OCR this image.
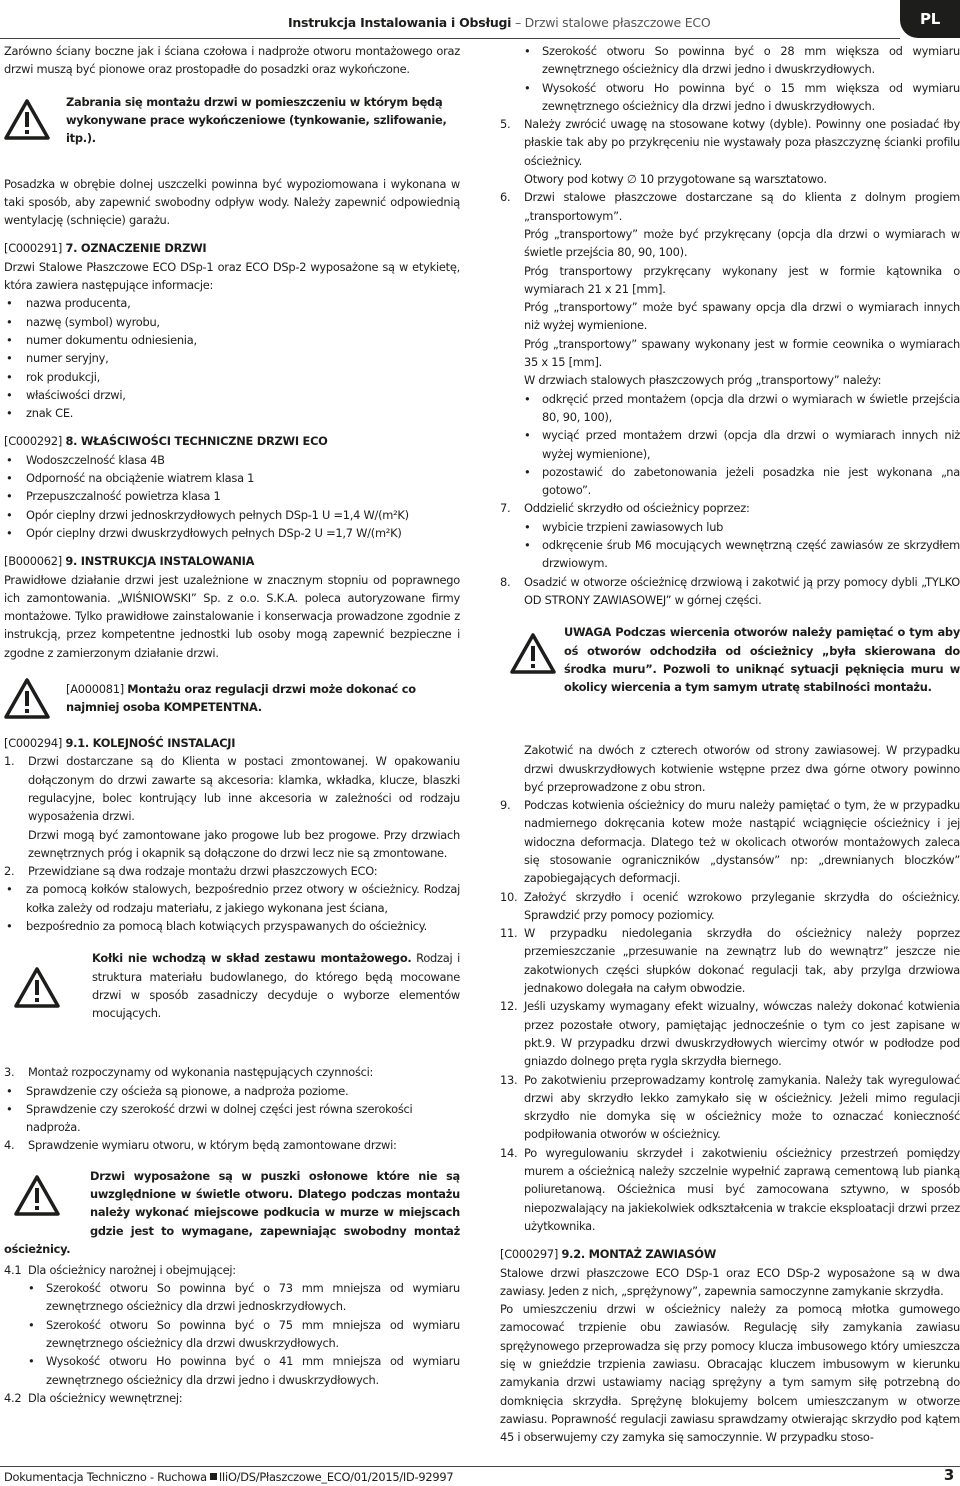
Instrukcja Instalowania i Obsługi – Drzwi stalowe płaszczowe ECO	PL

Zarówno ściany boczne jak i ściana czołowa i nadproże otworu montażowego oraz drzwi muszą być pionowe oraz prostopadłe do posadzki oraz wykończone.

Zabrania się montażu drzwi w pomieszczeniu w którym będą wykonywane prace wykończeniowe (tynkowanie, szlifowanie, itp.).

Posadzka w obrębie dolnej uszczelki powinna być wypoziomowana i wykonana w taki sposób, aby zapewnić swobodny odpływ wody. Należy zapewnić odpowiednią wentylację (schnięcie) garażu.

[C000291] 7. OZNACZENIE DRZWI

Drzwi Stalowe Płaszczowe ECO DSp-1 oraz ECO DSp-2 wyposażone są w etykietę, która zawiera następujące informacje:

• nazwa producenta,
• nazwę (symbol) wyrobu,
• numer dokumentu odniesienia,
• numer seryjny,
• rok produkcji,
• właściwości drzwi,
• znak CE.

[C000292] 8. WŁAŚCIWOŚCI TECHNICZNE DRZWI ECO

• Wodoszczelność klasa 4B
• Odporność na obciążenie wiatrem klasa 1
• Przepuszczalność powietrza klasa 1
• Opór cieplny drzwi jednoskrzydłowych pełnych DSp-1 U =1,4 W/(m²K)
• Opór cieplny drzwi dwuskrzydłowych pełnych DSp-2 U =1,7 W/(m²K)

[B000062] 9. INSTRUKCJA INSTALOWANIA

Prawidłowe działanie drzwi jest uzależnione w znacznym stopniu od poprawnego ich zamontowania. „WIŚNIOWSKI” Sp. z o.o. S.K.A. poleca autoryzowane firmy montażowe. Tylko prawidłowe zainstalowanie i konserwacja prowadzone zgodnie z instrukcją, przez kompetentne jednostki lub osoby mogą zapewnić bezpieczne i zgodne z zamierzonym działanie drzwi.

[A000081] Montażu oraz regulacji drzwi może dokonać co najmniej osoba KOMPETENTNA.

[C000294] 9.1. KOLEJNOŚĆ INSTALACJI

1. Drzwi dostarczane są do Klienta w postaci zmontowanej. W opakowaniu dołączonym do drzwi zawarte są akcesoria: klamka, wkładka, klucze, blaszki regulacyjne, bolec kontrujący lub inne akcesoria w zależności od rodzaju wyposażenia drzwi.

Drzwi mogą być zamontowane jako progowe lub bez progowe. Przy drzwiach zewnętrznych próg i okapnik są dołączone do drzwi lecz nie są zmontowane.

2. Przewidziane są dwa rodzaje montażu drzwi płaszczowych ECO:
• za pomocą kołków stalowych, bezpośrednio przez otwory w ościeżnicy. Rodzaj kołka zależy od rodzaju materiału, z jakiego wykonana jest ściana,
• bezpośrednio za pomocą blach kotwiących przyspawanych do ościeżnicy.

Kołki nie wchodzą w skład zestawu montażowego. Rodzaj i struktura materiału budowlanego, do którego będą mocowane drzwi w sposób zasadniczy decyduje o wyborze elementów mocujących.

3. Montaż rozpoczynamy od wykonania następujących czynności:
• Sprawdzenie czy ościeża są pionowe, a nadproża poziome.
• Sprawdzenie czy szerokość drzwi w dolnej części jest równa szerokości nadproża.
4. Sprawdzenie wymiaru otworu, w którym będą zamontowane drzwi:

Drzwi wyposażone są w puszki osłonowe które nie są uwzględnione w świetle otworu. Dlatego podczas montażu należy wykonać miejscowe podkucia w murze w miejscach gdzie jest to wymagane, zapewniając swobodny montaż ościeżnicy.

4.1 Dla ościeżnicy narożnej i obejmującej:
• Szerokość otworu So powinna być o 73 mm mniejsza od wymiaru zewnętrznego ościeżnicy dla drzwi jednoskrzydłowych.
• Szerokość otworu So powinna być o 75 mm mniejsza od wymiaru zewnętrznego ościeżnicy dla drzwi dwuskrzydłowych.
• Wysokość otworu Ho powinna być o 41 mm mniejsza od wymiaru zewnętrznego ościeżnicy dla drzwi jedno i dwuskrzydłowych.
4.2 Dla ościeżnicy wewnętrznej:
• Szerokość otworu So powinna być o 28 mm większa od wymiaru zewnętrznego ościeżnicy dla drzwi jedno i dwuskrzydłowych.
• Wysokość otworu Ho powinna być o 15 mm większa od wymiaru zewnętrznego ościeżnicy dla drzwi jedno i dwuskrzydłowych.
5. Należy zwrócić uwagę na stosowane kotwy (dyble). Powinny one posiadać łby płaskie tak aby po przykręceniu nie wystawały poza płaszczyznę ścianki profilu ościeżnicy.

Otwory pod kotwy ∅ 10 przygotowane są warsztatowo.

6. Drzwi stalowe płaszczowe dostarczane są do klienta z dolnym progiem „transportowym”.

Próg „transportowy” może być przykręcany (opcja dla drzwi o wymiarach w świetle przejścia 80, 90, 100).

Próg transportowy przykręcany wykonany jest w formie kątownika o wymiarach 21 x 21 [mm].

Próg „transportowy” może być spawany opcja dla drzwi o wymiarach innych niż wyżej wymienione.

Próg „transportowy” spawany wykonany jest w formie ceownika o wymiarach 35 x 15 [mm].

W drzwiach stalowych płaszczowych próg „transportowy” należy:

• odkręcić przed montażem (opcja dla drzwi o wymiarach w świetle przejścia 80, 90, 100),
• wyciąć przed montażem drzwi (opcja dla drzwi o wymiarach innych niż wyżej wymienione),
• pozostawić do zabetonowania jeżeli posadzka nie jest wykonana „na gotowo”.
7. Oddzielić skrzydło od ościeżnicy poprzez:
• wybicie trzpieni zawiasowych lub
• odkręcenie śrub M6 mocujących wewnętrzną część zawiasów ze skrzydłem drzwiowym.
8. Osadzić w otworze ościeżnicę drzwiową i zakotwić ją przy pomocy dybli „TYLKO OD STRONY ZAWIASOWEJ” w górnej części.

UWAGA Podczas wiercenia otworów należy pamiętać o tym aby oś otworów odchodziła od ościeżnicy „była skierowana do środka muru”. Pozwoli to uniknąć sytuacji pęknięcia muru w okolicy wiercenia a tym samym utratę stabilności montażu.

Zakotwić na dwóch z czterech otworów od strony zawiasowej. W przypadku drzwi dwuskrzydłowych kotwienie wstępne przez dwa górne otwory powinno być przeprowadzone z obu stron.

9. Podczas kotwienia ościeżnicy do muru należy pamiętać o tym, że w przypadku nadmiernego dokręcania kotew może nastąpić wciągnięcie ościeżnicy i jej widoczna deformacja. Dlatego też w okolicach otworów montażowych zaleca się stosowanie ograniczników „dystansów” np: „drewnianych bloczków” zapobiegających deformacji.
10. Założyć skrzydło i ocenić wzrokowo przyleganie skrzydła do ościeżnicy. Sprawdzić przy pomocy poziomicy.
11. W przypadku niedolegania skrzydła do ościeżnicy należy poprzez przemieszczanie „przesuwanie na zewnątrz lub do wewnątrz” jeszcze nie zakotwionych części słupków dokonać regulacji tak, aby przylga drzwiowa jednakowo dolegała na całym obwodzie.
12. Jeśli uzyskamy wymagany efekt wizualny, wówczas należy dokonać kotwienia przez pozostałe otwory, pamiętając jednocześnie o tym co jest zapisane w pkt.9. W przypadku drzwi dwuskrzydłowych wiercimy otwór w podłodze pod gniazdo dolnego pręta rygla skrzydła biernego.
13. Po zakotwieniu przeprowadzamy kontrolę zamykania. Należy tak wyregulować drzwi aby skrzydło lekko zamykało się w ościeżnicy. Jeżeli mimo regulacji skrzydło nie domyka się w ościeżnicy może to oznaczać konieczność podpiłowania otworów w ościeżnicy.
14. Po wyregulowaniu skrzydeł i zakotwieniu ościeżnicy przestrzeń pomiędzy murem a ościeżnicą należy szczelnie wypełnić zaprawą cementową lub pianką poliuretanową. Ościeżnica musi być zamocowana sztywno, w sposób niepozwalający na jakiekolwiek odkształcenia w trakcie eksploatacji drzwi przez użytkownika.

[C000297] 9.2. MONTAŻ ZAWIASÓW

Stalowe drzwi płaszczowe ECO DSp-1 oraz ECO DSp-2 wyposażone są w dwa zawiasy. Jeden z nich, „sprężynowy”, zapewnia samoczynne zamykanie skrzydła.

Po umieszczeniu drzwi w ościeżnicy należy za pomocą młotka gumowego zamocować trzpienie obu zawiasów. Regulację siły zamykania zawiasu sprężynowego przeprowadza się przy pomocy klucza imbusowego który umieszcza się w gnieździe trzpienia zawiasu. Obracając kluczem imbusowym w kierunku zamykania drzwi ustawiamy naciąg sprężyny a tym samym siłę potrzebną do domknięcia skrzydła. Sprężynę blokujemy bolcem umieszczanym w otworze zawiasu. Poprawność regulacji zawiasu sprawdzamy otwierając skrzydło pod kątem 45 i obserwujemy czy zamyka się samoczynnie. W przypadku stoso-

Dokumentacja Techniczno - Ruchowa IIiO/DS/Płaszczowe_ECO/01/2015/ID-92997	3
